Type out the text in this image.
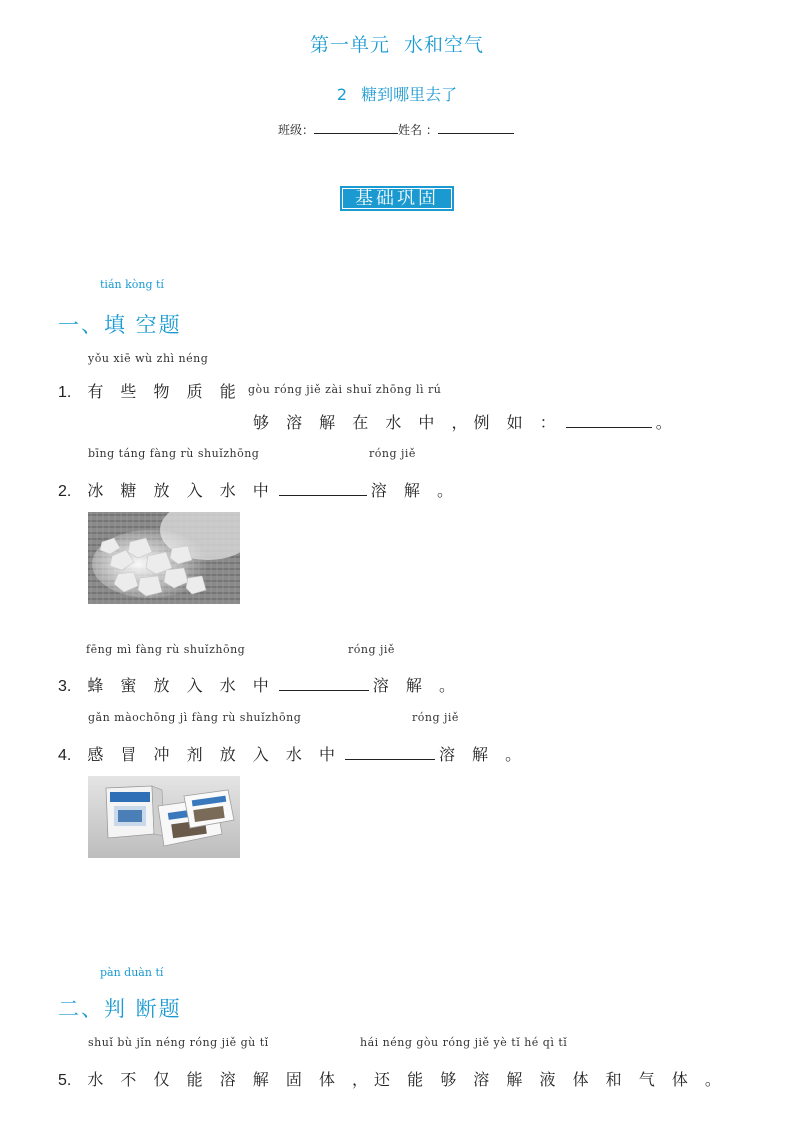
第一单元 水和空气
2 糖到哪里去了
班级：	姓名 ：
基础巩固
tián kòng tí
一、填 空题
yǒu xiē wù zhì néng
1. 有 些 物 质 能 gòu róng jiě zài shuǐ zhōng lì rú
够 溶 解 在 水 中 ，例 如 ：	。
bīng táng fàng rù shuǐzhōng	róng jiě
2. 冰 糖 放 入 水 中	溶 解 。
fēng mì fàng rù shuǐzhōng	róng jiě
3. 蜂 蜜 放 入 水 中	溶 解 。
gǎn màochōng jì fàng rù shuǐzhōng	róng jiě
4. 感 冒 冲 剂 放 入 水 中	溶 解 。
pàn duàn tí
二、判 断题
shuǐ bù jǐn néng róng jiě gù tǐ	hái néng gòu róng jiě yè tǐ hé qì tǐ
5. 水 不 仅 能 溶 解 固 体 ，还 能 够 溶 解 液 体 和 气 体 。
